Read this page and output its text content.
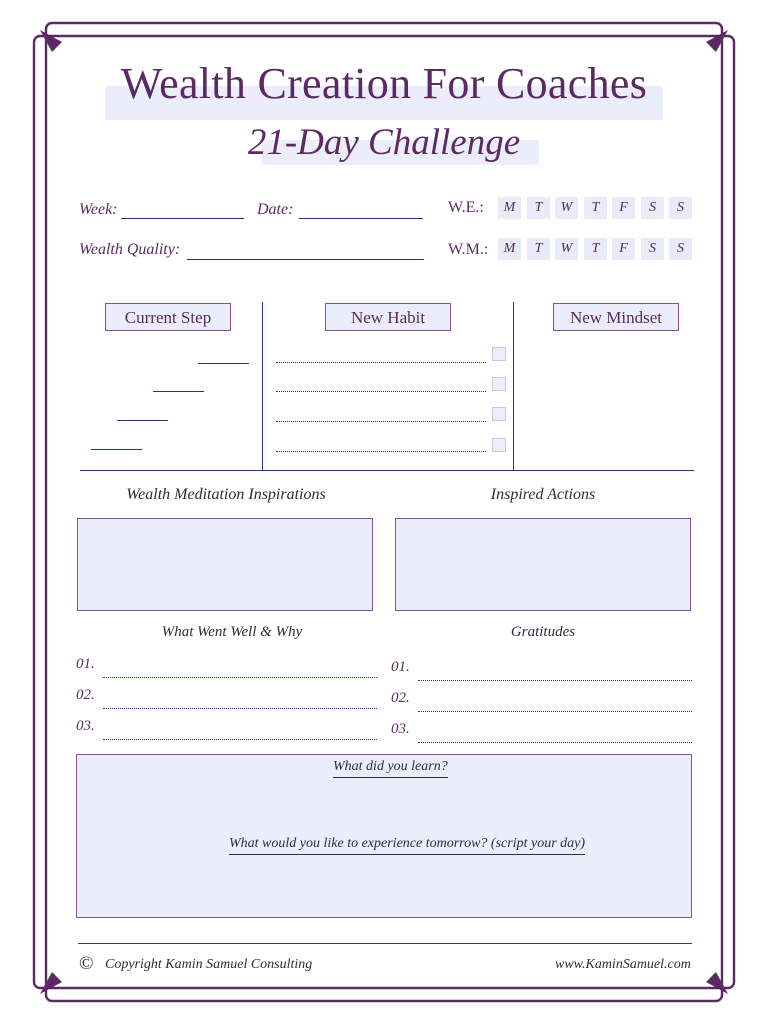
Wealth Creation For Coaches
21-Day Challenge
Week:	Date:	W.E.:	M	T	W	T	F	S	S
Wealth Quality:	W.M.:	M	T	W	T	F	S	S
Current Step	New Habit	New Mindset
Wealth Meditation Inspirations	Inspired Actions
What Went Well & Why	Gratitudes
01.
02.
03.
01.
02.
03.
What did you learn?
What would you like to experience tomorrow? (script your day)
© Copyright Kamin Samuel Consulting	www.KaminSamuel.com
